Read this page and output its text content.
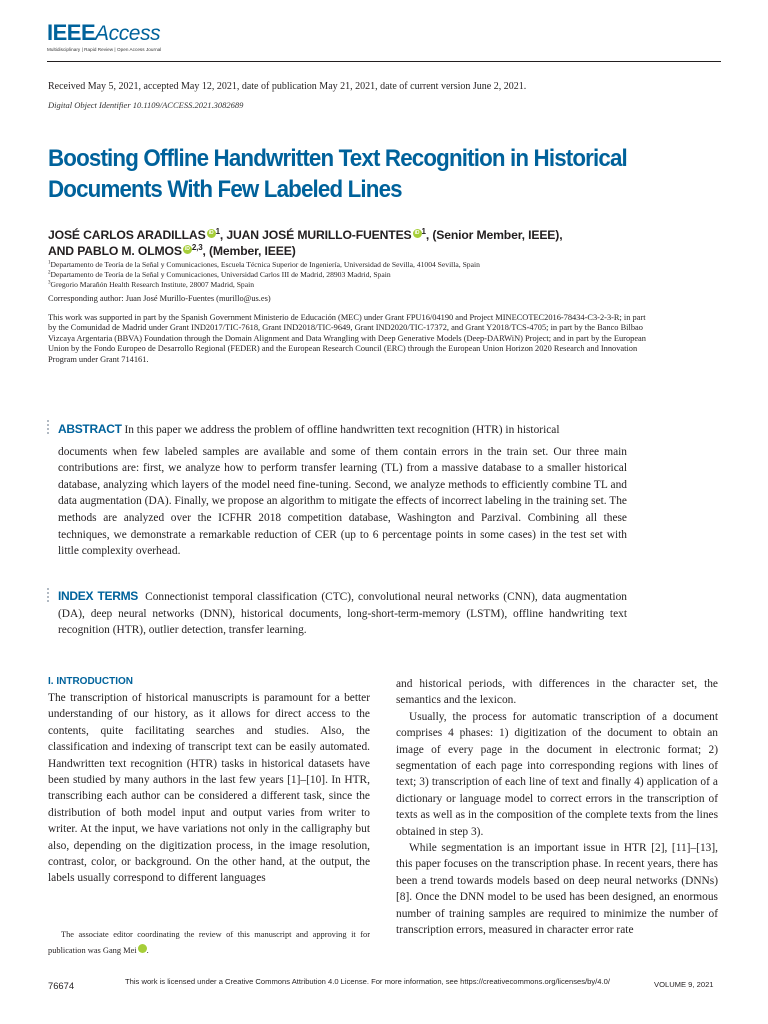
IEEE Access
Multidisciplinary | Rapid Review | Open Access Journal
Received May 5, 2021, accepted May 12, 2021, date of publication May 21, 2021, date of current version June 2, 2021.
Digital Object Identifier 10.1109/ACCESS.2021.3082689
Boosting Offline Handwritten Text Recognition in Historical Documents With Few Labeled Lines
JOSÉ CARLOS ARADILLAS iD $^1$, JUAN JOSÉ MURILLO-FUENTES iD $^1$, (Senior Member, IEEE),
AND PABLO M. OLMOS iD $^{2,3}$, (Member, IEEE)
$^1$Departamento de Teoría de la Señal y Comunicaciones, Escuela Técnica Superior de Ingeniería, Universidad de Sevilla, 41004 Sevilla, Spain
$^2$Departamento de Teoría de la Señal y Comunicaciones, Universidad Carlos III de Madrid, 28903 Madrid, Spain
$^3$Gregorio Marañón Health Research Institute, 28007 Madrid, Spain
Corresponding author: Juan José Murillo-Fuentes (murillo@us.es)
This work was supported in part by the Spanish Government Ministerio de Educación (MEC) under Grant FPU16/04190 and Project MINECOTEC2016-78434-C3-2-3-R; in part by the Comunidad de Madrid under Grant IND2017/TIC-7618, Grant IND2018/TIC-9649, Grant IND2020/TIC-17372, and Grant Y2018/TCS-4705; in part by the Banco Bilbao Vizcaya Argentaria (BBVA) Foundation through the Domain Alignment and Data Wrangling with Deep Generative Models (Deep-DARWiN) Project; and in part by the European Union by the Fondo Europeo de Desarrollo Regional (FEDER) and the European Research Council (ERC) through the European Union Horizon 2020 Research and Innovation Program under Grant 714161.
ABSTRACT In this paper we address the problem of offline handwritten text recognition (HTR) in historical
documents when few labeled samples are available and some of them contain errors in the train set. Our three main contributions are: first, we analyze how to perform transfer learning (TL) from a massive database to a smaller historical database, analyzing which layers of the model need fine-tuning. Second, we analyze methods to efficiently combine TL and data augmentation (DA). Finally, we propose an algorithm to mitigate the effects of incorrect labeling in the training set. The methods are analyzed over the ICFHR 2018 competition database, Washington and Parzival. Combining all these techniques, we demonstrate a remarkable reduction of CER (up to 6 percentage points in some cases) in the test set with little complexity overhead.
INDEX TERMS Connectionist temporal classification (CTC), convolutional neural networks (CNN), data augmentation (DA), deep neural networks (DNN), historical documents, long-short-term-memory (LSTM), offline handwriting text recognition (HTR), outlier detection, transfer learning.
I. INTRODUCTION
The transcription of historical manuscripts is paramount for a better understanding of our history, as it allows for direct access to the contents, quite facilitating searches and studies. Also, the classification and indexing of transcript text can be easily automated. Handwritten text recognition (HTR) tasks in historical datasets have been studied by many authors in the last few years [1]–[10]. In HTR, transcribing each author can be considered a different task, since the distribution of both model input and output varies from writer to writer. At the input, we have variations not only in the calligraphy but also, depending on the digitization process, in the image resolution, contrast, color, or background. On the other hand, at the output, the labels usually correspond to different languages
and historical periods, with differences in the character set, the semantics and the lexicon.
Usually, the process for automatic transcription of a document comprises 4 phases: 1) digitization of the document to obtain an image of every page in the document in electronic format; 2) segmentation of each page into corresponding regions with lines of text; 3) transcription of each line of text and finally 4) application of a dictionary or language model to correct errors in the transcription of texts as well as in the composition of the complete texts from the lines obtained in step 3).
While segmentation is an important issue in HTR [2], [11]–[13], this paper focuses on the transcription phase. In recent years, there has been a trend towards models based on deep neural networks (DNNs) [8]. Once the DNN model to be used has been designed, an enormous number of training samples are required to minimize the number of transcription errors, measured in character error rate
The associate editor coordinating the review of this manuscript and approving it for publication was Gang Mei	iD.
76674	This work is licensed under a Creative Commons Attribution 4.0 License. For more information, see https://creativecommons.org/licenses/by/4.0/	VOLUME 9, 2021
